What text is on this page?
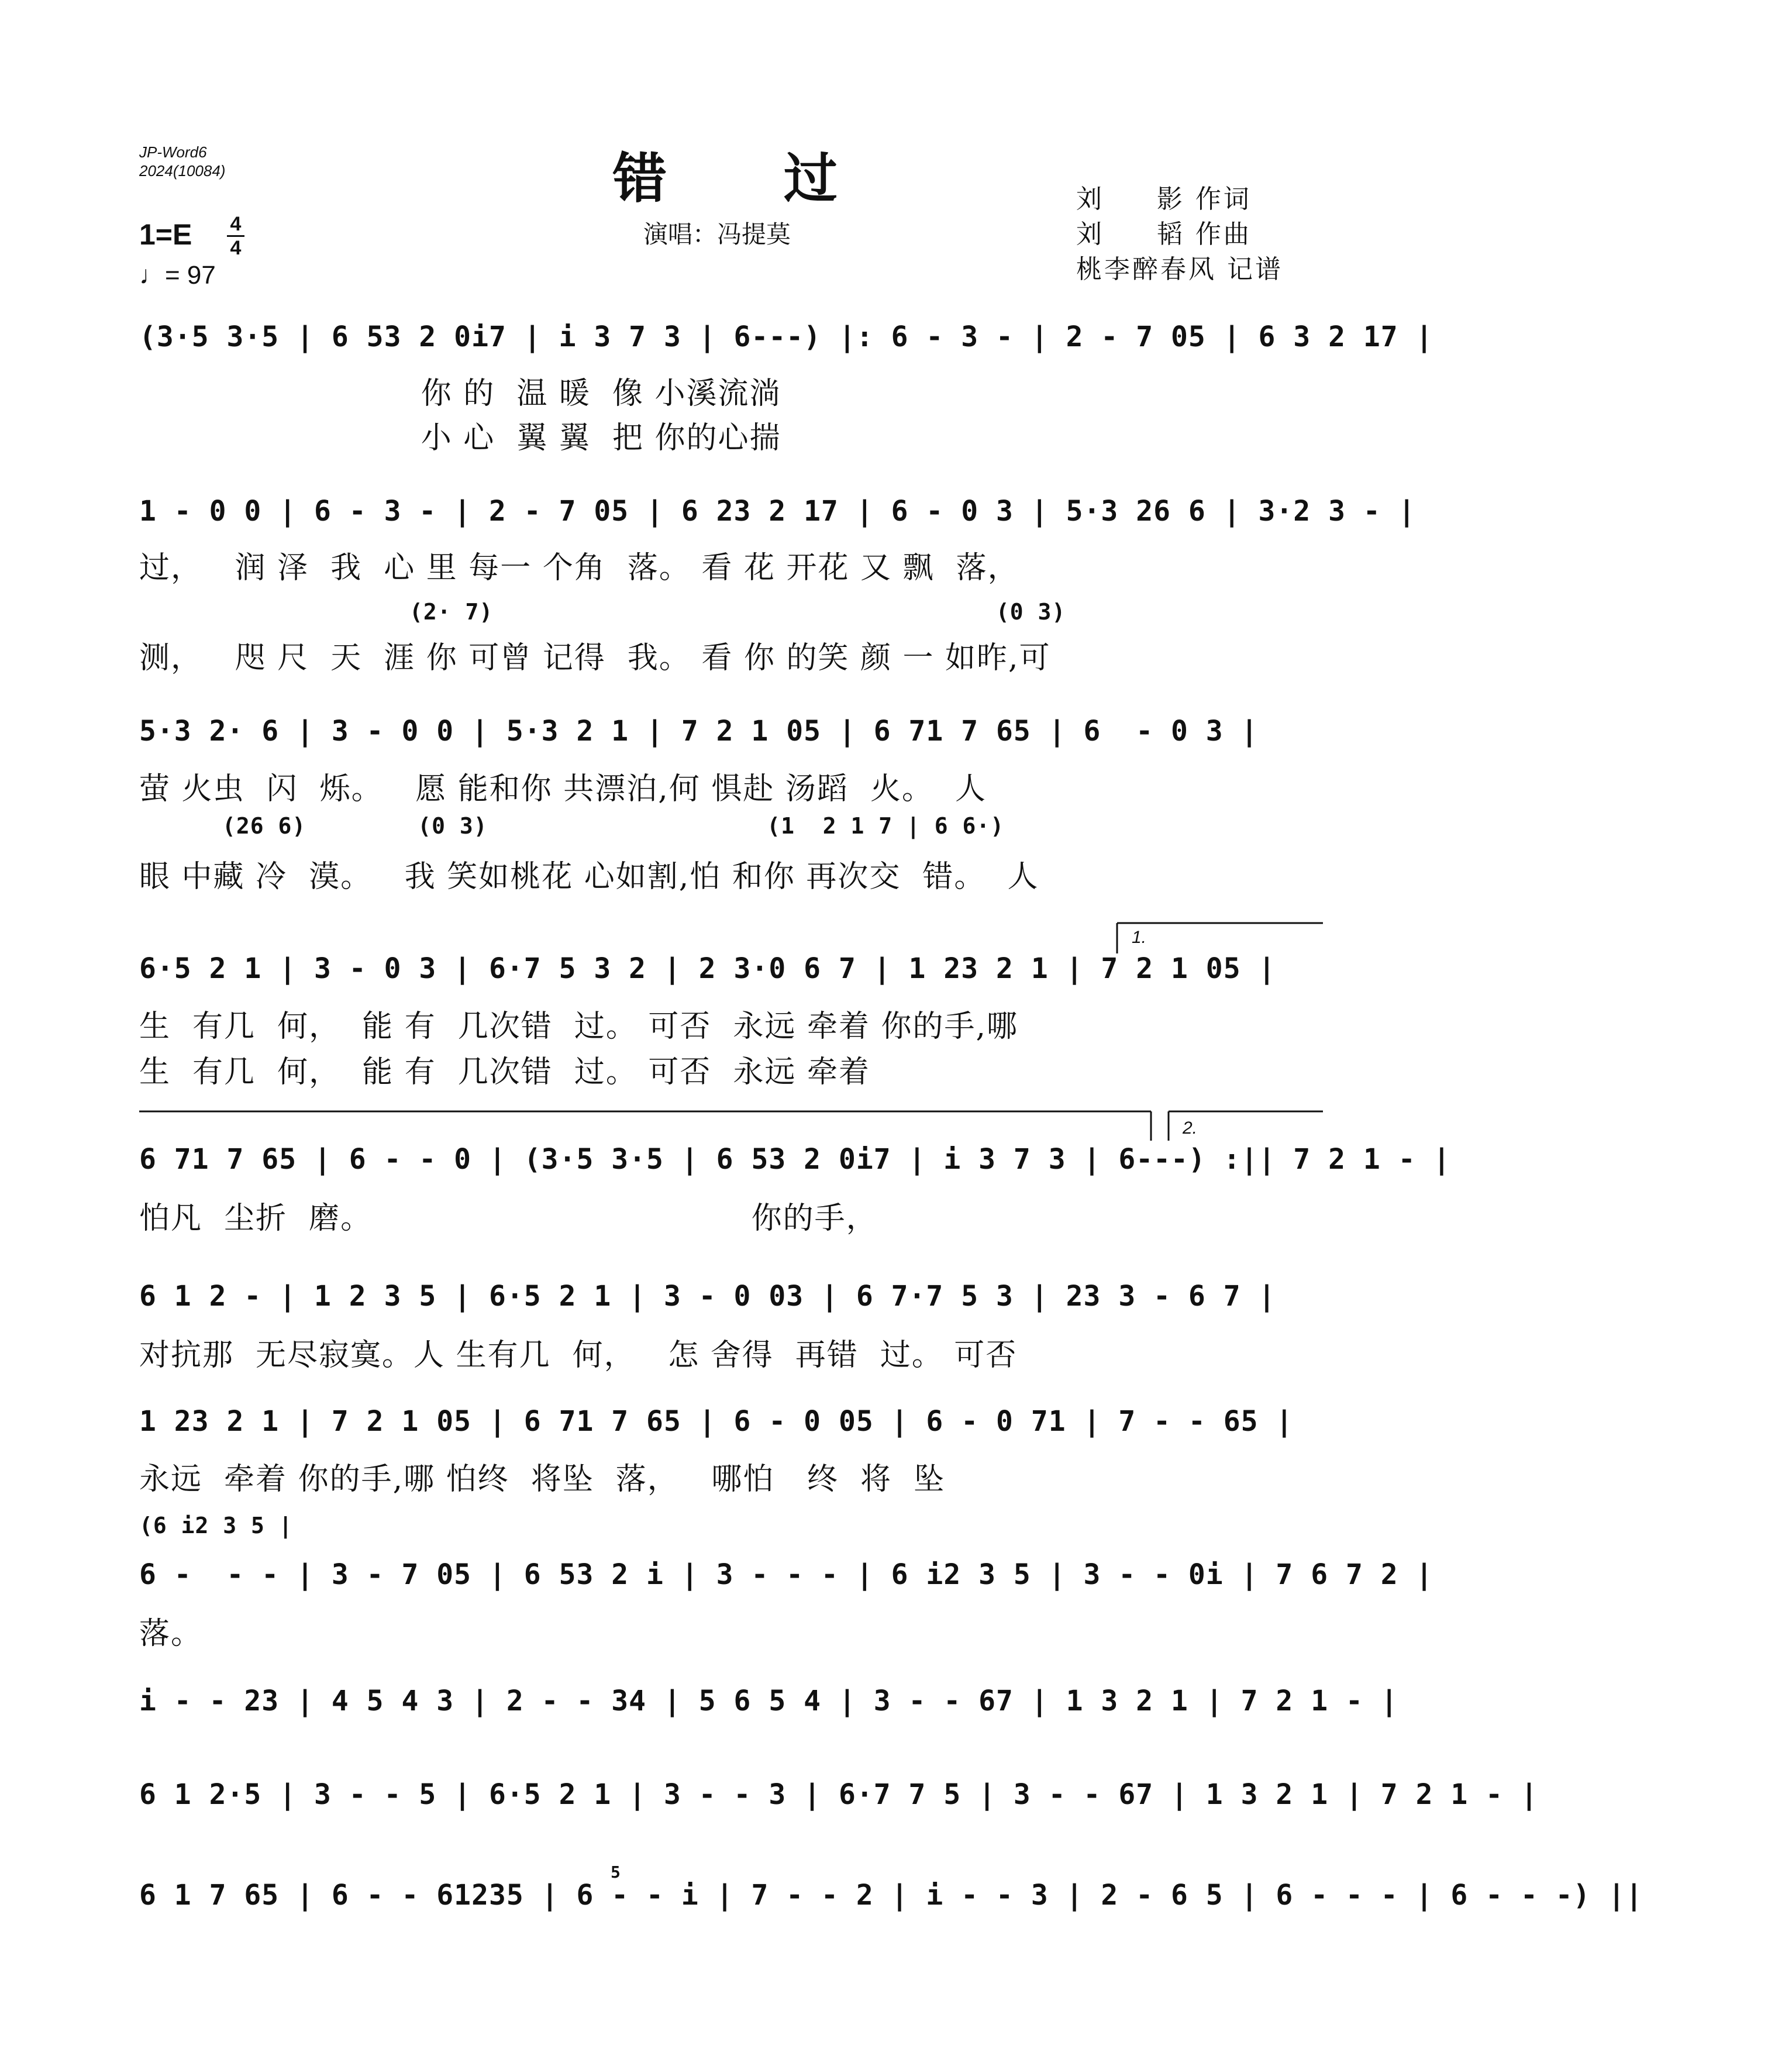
JP-Word6
2024(10084)	错过
演唱：冯提莫
刘     影 作词
刘     韬 作曲
桃李醉春风 记谱
1=E 4
4
♩= 97
(3·5 3·5 | 6 53 2 0i7 | i 3 7 3 | 6---) |: 6 - 3 - | 2 - 7 05 | 6 3 2 17 |
你 的  温 暖  像 小溪流淌
小 心  翼 翼  把 你的心揣
1 - 0 0 | 6 - 3 - | 2 - 7 05 | 6 23 2 17 | 6 - 0 3 | 5·3 26 6 | 3·2 3 - |
过，   润 泽  我  心 里 每一 个角  落。 看 花 开花 又 飘  落，
(2· 7)                                    (0 3)
测，   咫 尺  天  涯 你 可曾 记得  我。 看 你 的笑 颜 一 如昨,可
5·3 2· 6 | 3 - 0 0 | 5·3 2 1 | 7 2 1 05 | 6 71 7 65 | 6  - 0 3 |
萤 火虫  闪  烁。   愿 能和你 共漂泊,何 惧赴 汤蹈  火。  人
(26 6)        (0 3)                    (1  2 1 7 | 6 6·)
眼 中藏 冷  漠。   我 笑如桃花 心如割,怕 和你 再次交  错。  人
1.
6·5 2 1 | 3 - 0 3 | 6·7 5 3 2 | 2 3·0 6 7 | 1 23 2 1 | 7 2 1 05 |
生  有几  何，  能 有  几次错  过。 可否  永远 牵着 你的手,哪
生  有几  何，  能 有  几次错  过。 可否  永远 牵着
2.
6 71 7 65 | 6 - - 0 | (3·5 3·5 | 6 53 2 0i7 | i 3 7 3 | 6---) :|| 7 2 1 - |
怕凡  尘折  磨。                                   你的手，
6 1 2 - | 1 2 3 5 | 6·5 2 1 | 3 - 0 03 | 6 7·7 5 3 | 23 3 - 6 7 |
对抗那  无尽寂寞。人 生有几  何，   怎 舍得  再错  过。 可否
1 23 2 1 | 7 2 1 05 | 6 71 7 65 | 6 - 0 05 | 6 - 0 71 | 7 - - 65 |
永远  牵着 你的手,哪 怕终  将坠  落，   哪怕   终  将  坠
(6 i2 3 5 |
6 -  - - | 3 - 7 05 | 6 53 2 i | 3 - - - | 6 i2 3 5 | 3 - - 0i | 7 6 7 2 |
落。
i - - 23 | 4 5 4 3 | 2 - - 34 | 5 6 5 4 | 3 - - 67 | 1 3 2 1 | 7 2 1 - |
6 1 2·5 | 3 - - 5 | 6·5 2 1 | 3 - - 3 | 6·7 7 5 | 3 - - 67 | 1 3 2 1 | 7 2 1 - |
5
6 1 7 65 | 6 - - 61235 | 6 - - i | 7 - - 2 | i - - 3 | 2 - 6 5 | 6 - - - | 6 - - -) ||
